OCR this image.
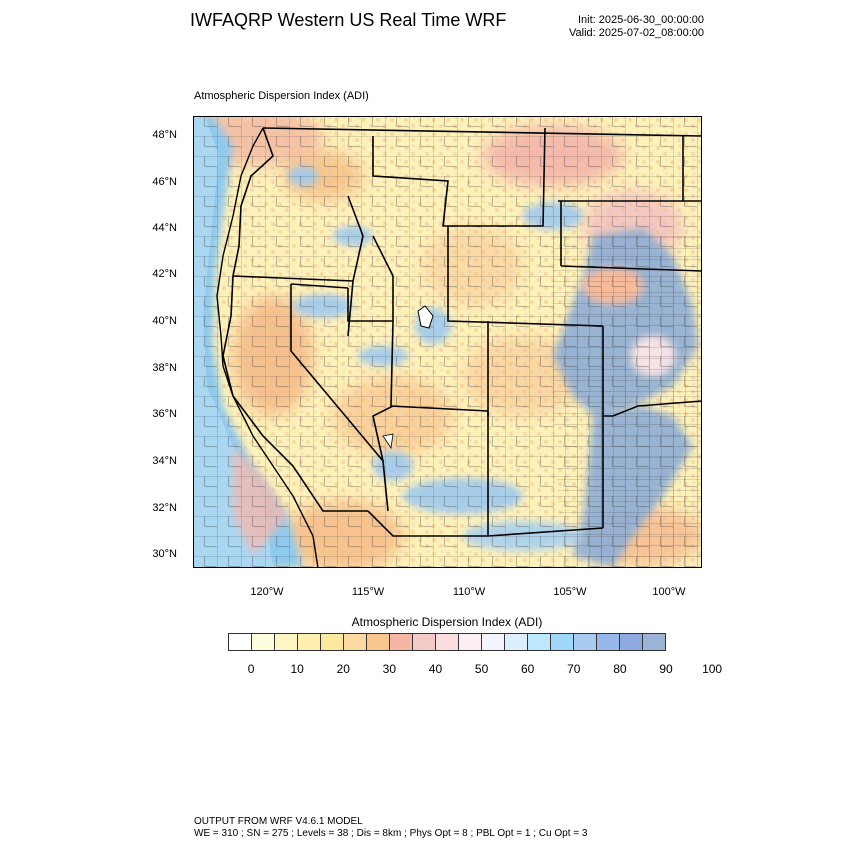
IWFAQRP Western US Real Time WRF	Init: 2025-06-30_00:00:00
Valid: 2025-07-02_08:00:00
Atmospheric Dispersion Index (ADI)
48°N
46°N
44°N
42°N
40°N
38°N
36°N
34°N
32°N
30°N
120°W	115°W	110°W	105°W	100°W
Atmospheric Dispersion Index (ADI)
0	10	20	30	40	50	60	70	80	90 100
OUTPUT FROM WRF V4.6.1 MODEL
WE = 310 ; SN = 275 ; Levels = 38 ; Dis = 8km ; Phys Opt = 8 ; PBL Opt = 1 ; Cu Opt = 3
